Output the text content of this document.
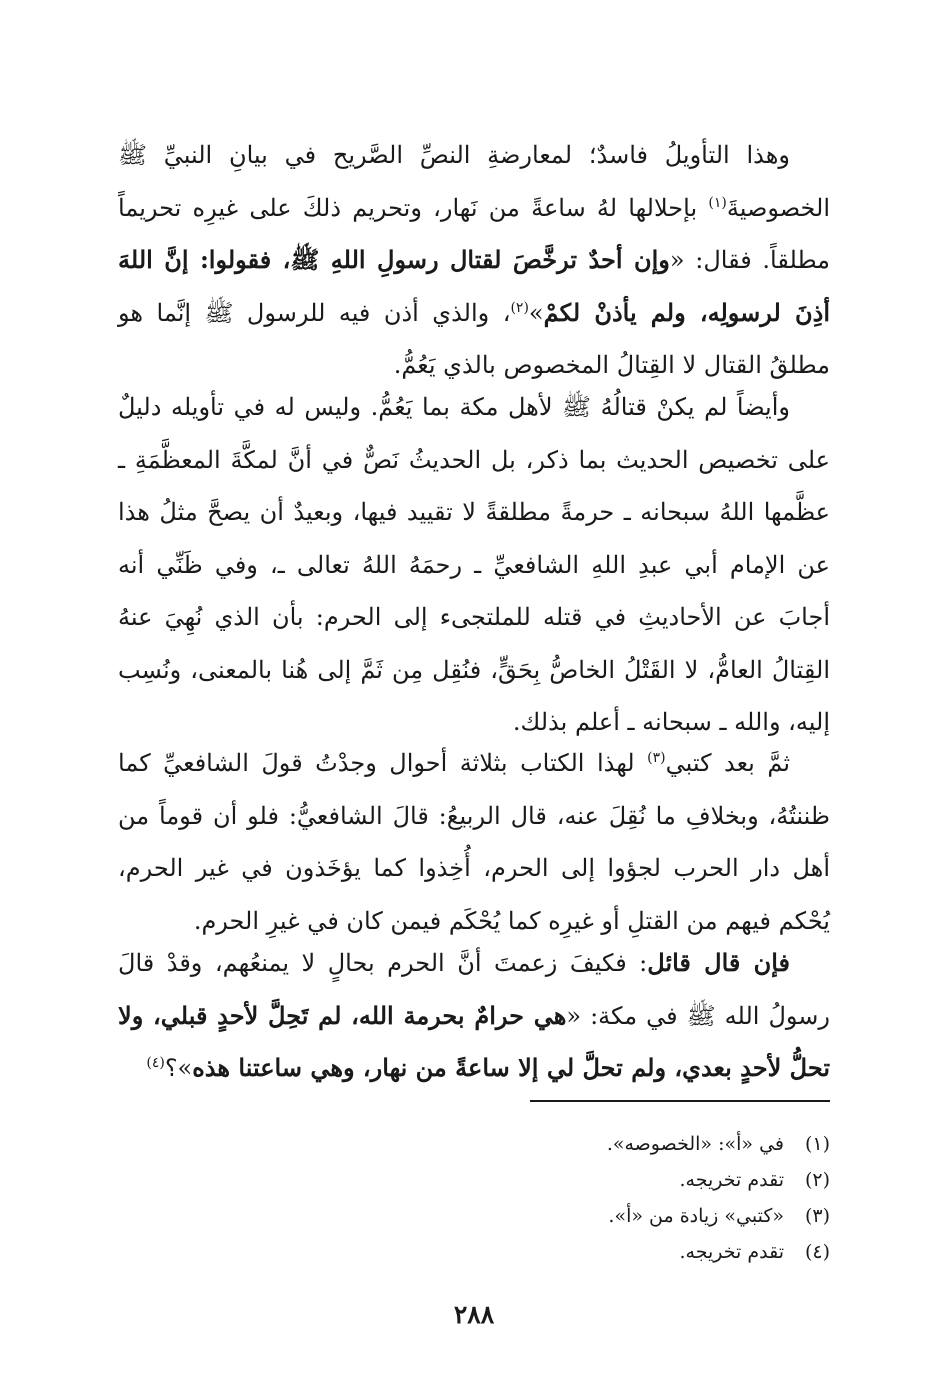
وهذا التأويلُ فاسدٌ؛ لمعارضةِ النصِّ الصَّريح في بيانِ النبيِّ ﷺ الخصوصيةَ$^{(١)}$ بإحلالها لهُ ساعةً من نَهار، وتحريم ذلكَ على غيرِه تحريماً مطلقاً. فقال: «وإن أحدٌ ترخَّصَ لقتال رسولِ اللهِ ﷺ، فقولوا: إنَّ اللهَ أذِنَ لرسولِه، ولم يأذنْ لكمْ»$^{(٢)}$، والذي أذن فيه للرسول ﷺ إنَّما هو مطلقُ القتال لا القِتالُ المخصوص بالذي يَعُمُّ.

وأيضاً لم يكنْ قتالُهُ ﷺ لأهل مكة بما يَعُمُّ. وليس له في تأويله دليلٌ على تخصيص الحديث بما ذكر، بل الحديثُ نَصٌّ في أنَّ لمكَّةَ المعظَّمَةِ ـ عظَّمها اللهُ سبحانه ـ حرمةً مطلقةً لا تقييد فيها، وبعيدٌ أن يصحَّ مثلُ هذا عن الإمام أبي عبدِ اللهِ الشافعيِّ ـ رحمَهُ اللهُ تعالى ـ، وفي ظَنِّي أنه أجابَ عن الأحاديثِ في قتله للملتجىء إلى الحرم: بأن الذي نُهِيَ عنهُ القِتالُ العامُّ، لا القَتْلُ الخاصُّ بِحَقٍّ، فنُقِل مِن ثَمَّ إلى هُنا بالمعنى، ونُسِب إليه، والله ـ سبحانه ـ أعلم بذلك.

ثمَّ بعد كتبي$^{(٣)}$ لهذا الكتاب بثلاثة أحوال وجدْتُ قولَ الشافعيِّ كما ظننتُهُ، وبخلافِ ما نُقِلَ عنه، قال الربيعُ: قالَ الشافعيُّ: فلو أن قوماً من أهل دار الحرب لجؤوا إلى الحرم، أُخِذوا كما يؤخَذون في غير الحرم، يُحْكم فيهم من القتلِ أو غيرِه كما يُحْكَم فيمن كان في غيرِ الحرم.

فإن قال قائل: فكيفَ زعمتَ أنَّ الحرم بحالٍ لا يمنعُهم، وقدْ قالَ رسولُ الله ﷺ في مكة: «هي حرامٌ بحرمة الله، لم تَحِلَّ لأحدٍ قبلي، ولا تحلُّ لأحدٍ بعدي، ولم تحلَّ لي إلا ساعةً من نهار، وهي ساعتنا هذه»؟$^{(٤)}$

(١)
في «أ»: «الخصوصه».
(٢)
تقدم تخريجه.
(٣)
«كتبي» زيادة من «أ».
(٤)
تقدم تخريجه.
٢٨٨
